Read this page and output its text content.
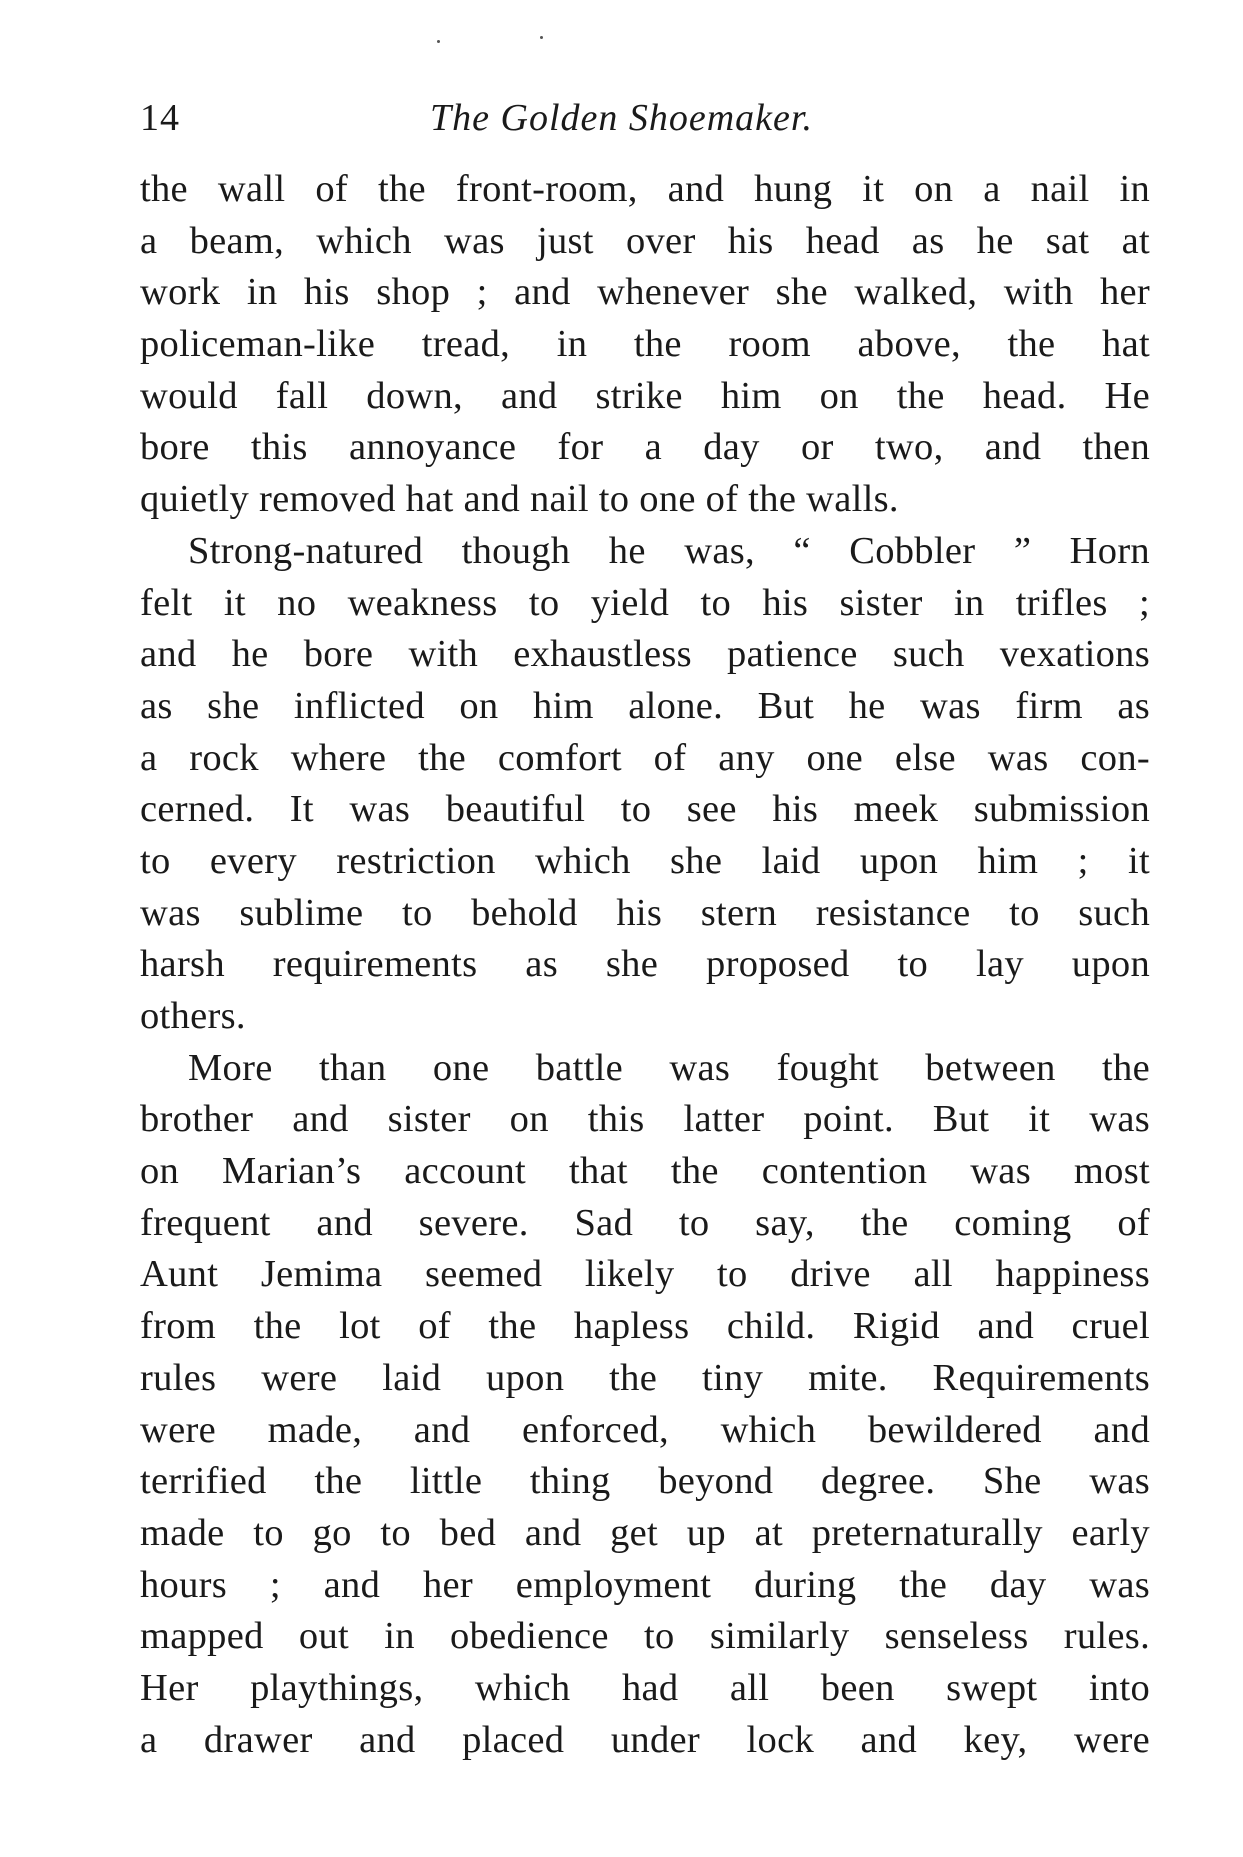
14	The Golden Shoemaker.
the wall of the front-room, and hung it on a nail in
a beam, which was just over his head as he sat at
work in his shop ; and whenever she walked, with her
policeman-like tread, in the room above, the hat
would fall down, and strike him on the head. He
bore this annoyance for a day or two, and then
quietly removed hat and nail to one of the walls.
Strong-natured though he was, “ Cobbler ” Horn
felt it no weakness to yield to his sister in trifles ;
and he bore with exhaustless patience such vexations
as she inflicted on him alone. But he was firm as
a rock where the comfort of any one else was con-
cerned. It was beautiful to see his meek submission
to every restriction which she laid upon him ; it
was sublime to behold his stern resistance to such
harsh requirements as she proposed to lay upon
others.
More than one battle was fought between the
brother and sister on this latter point. But it was
on Marian’s account that the contention was most
frequent and severe. Sad to say, the coming of
Aunt Jemima seemed likely to drive all happiness
from the lot of the hapless child. Rigid and cruel
rules were laid upon the tiny mite. Requirements
were made, and enforced, which bewildered and
terrified the little thing beyond degree. She was
made to go to bed and get up at preternaturally early
hours ; and her employment during the day was
mapped out in obedience to similarly senseless rules.
Her playthings, which had all been swept into
a drawer and placed under lock and key, were
